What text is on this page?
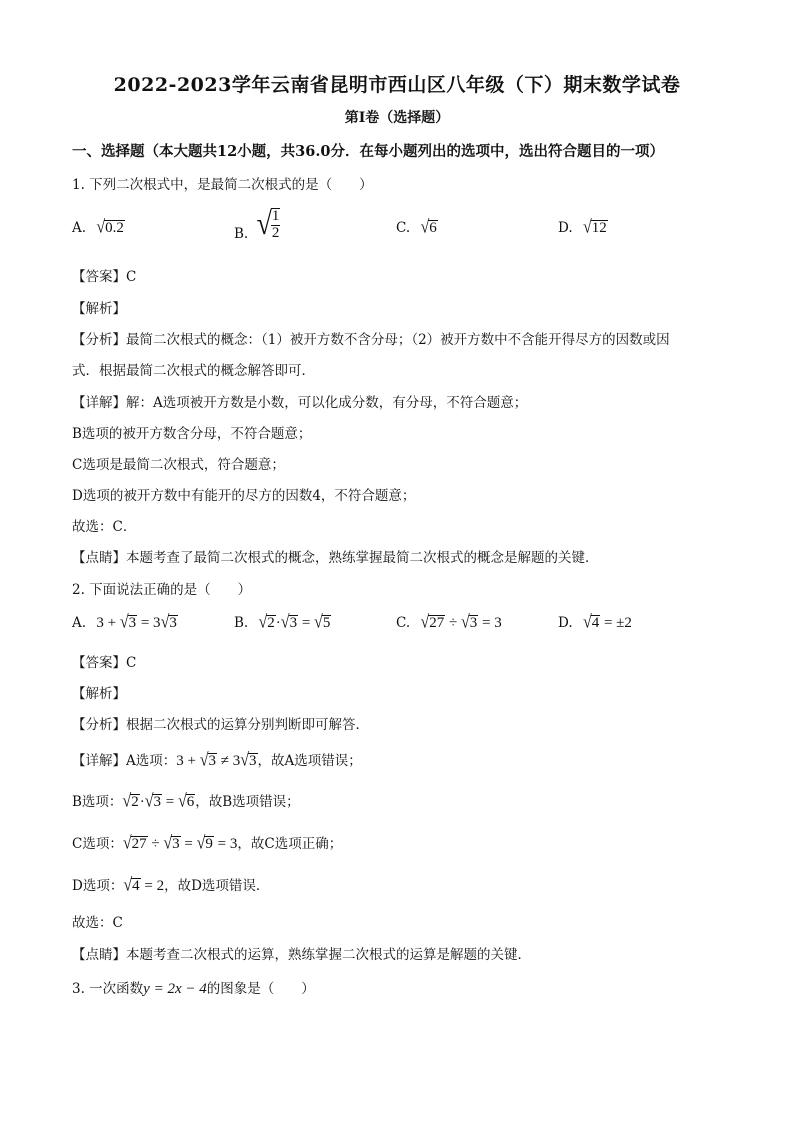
2022-2023学年云南省昆明市西山区八年级（下）期末数学试卷
第I卷（选择题）
一、选择题（本大题共12小题，共36.0分．在每小题列出的选项中，选出符合题目的一项）
1. 下列二次根式中，是最简二次根式的是（　　）
A. √0.2	B. √ $\frac{1}{2}$	C. √6	D. √12
【答案】C
【解析】
【分析】最简二次根式的概念：（1）被开方数不含分母；（2）被开方数中不含能开得尽方的因数或因
式．根据最简二次根式的概念解答即可．
【详解】解：A选项被开方数是小数，可以化成分数，有分母，不符合题意；
B选项的被开方数含分母，不符合题意；
C选项是最简二次根式，符合题意；
D选项的被开方数中有能开的尽方的因数4，不符合题意；
故选：C．
【点睛】本题考查了最简二次根式的概念，熟练掌握最简二次根式的概念是解题的关键．
2. 下面说法正确的是（　　）
A. 3 + √3 = 3√3	B. √2·√3 = √5	C. √27 ÷ √3 = 3	D. √4 = ±2
【答案】C
【解析】
【分析】根据二次根式的运算分别判断即可解答．
【详解】A选项：3 + √3 ≠ 3√3，故A选项错误；
B选项：√2·√3 = √6，故B选项错误；
C选项：√27 ÷ √3 = √9 = 3，故C选项正确；
D选项：√4 = 2，故D选项错误．
故选：C
【点睛】本题考查二次根式的运算，熟练掌握二次根式的运算是解题的关键．
3. 一次函数y = 2x − 4的图象是（　　）
